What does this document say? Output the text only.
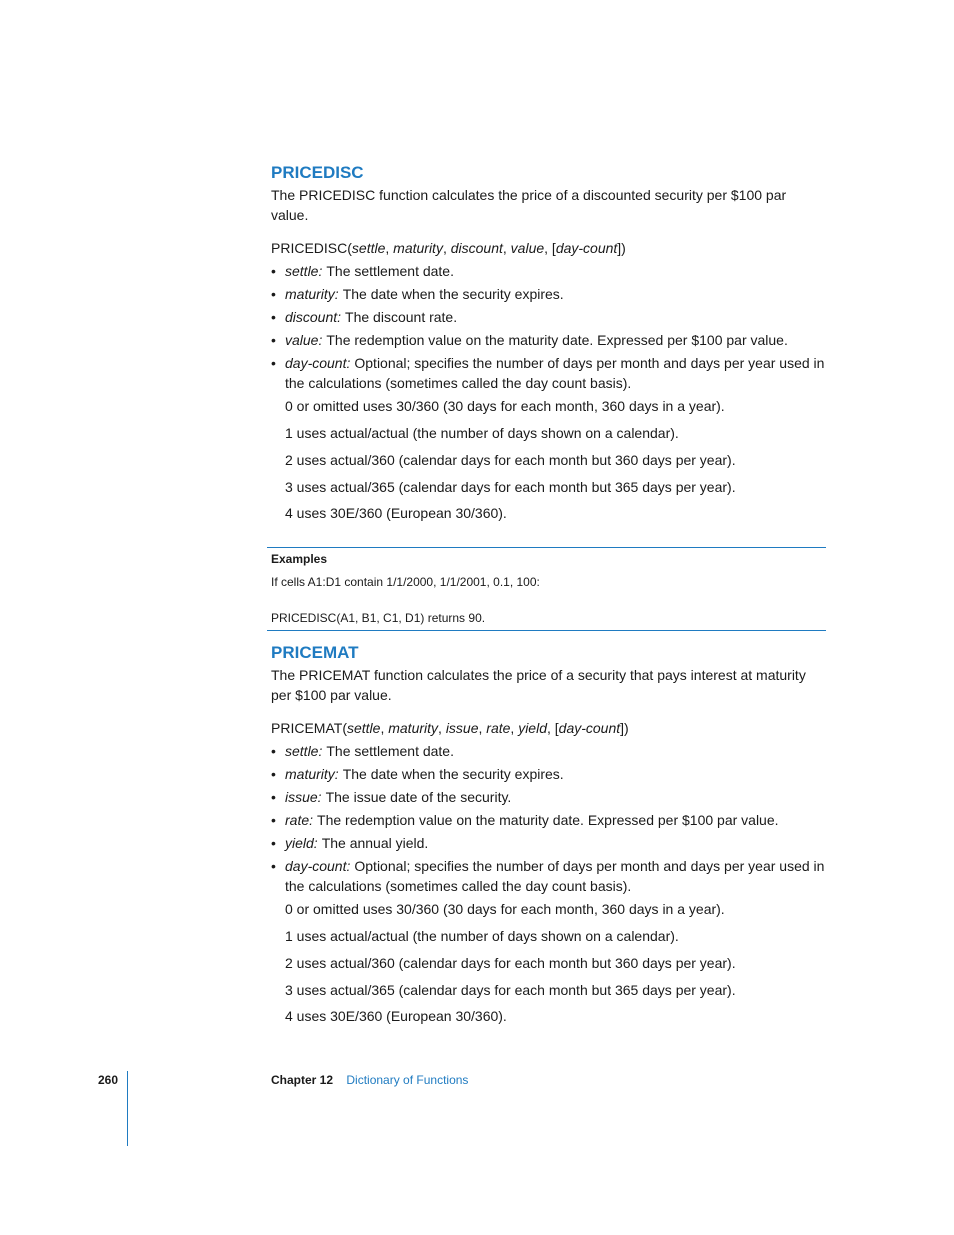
PRICEDISC

The PRICEDISC function calculates the price of a discounted security per $100 par value.

PRICEDISC(settle, maturity, discount, value, [day-count])

• settle: The settlement date.
• maturity: The date when the security expires.
• discount: The discount rate.
• value: The redemption value on the maturity date. Expressed per $100 par value.
• day-count: Optional; specifies the number of days per month and days per year used in the calculations (sometimes called the day count basis).
0 or omitted uses 30/360 (30 days for each month, 360 days in a year).
1 uses actual/actual (the number of days shown on a calendar).
2 uses actual/360 (calendar days for each month but 360 days per year).
3 uses actual/365 (calendar days for each month but 365 days per year).
4 uses 30E/360 (European 30/360).
Examples
If cells A1:D1 contain 1/1/2000, 1/1/2001, 0.1, 100:
PRICEDISC(A1, B1, C1, D1) returns 90.
PRICEMAT

The PRICEMAT function calculates the price of a security that pays interest at maturity per $100 par value.

PRICEMAT(settle, maturity, issue, rate, yield, [day-count])

• settle: The settlement date.
• maturity: The date when the security expires.
• issue: The issue date of the security.
• rate: The redemption value on the maturity date. Expressed per $100 par value.
• yield: The annual yield.
• day-count: Optional; specifies the number of days per month and days per year used in the calculations (sometimes called the day count basis).
0 or omitted uses 30/360 (30 days for each month, 360 days in a year).
1 uses actual/actual (the number of days shown on a calendar).
2 uses actual/360 (calendar days for each month but 360 days per year).
3 uses actual/365 (calendar days for each month but 365 days per year).
4 uses 30E/360 (European 30/360).
260	Chapter 12 Dictionary of Functions
